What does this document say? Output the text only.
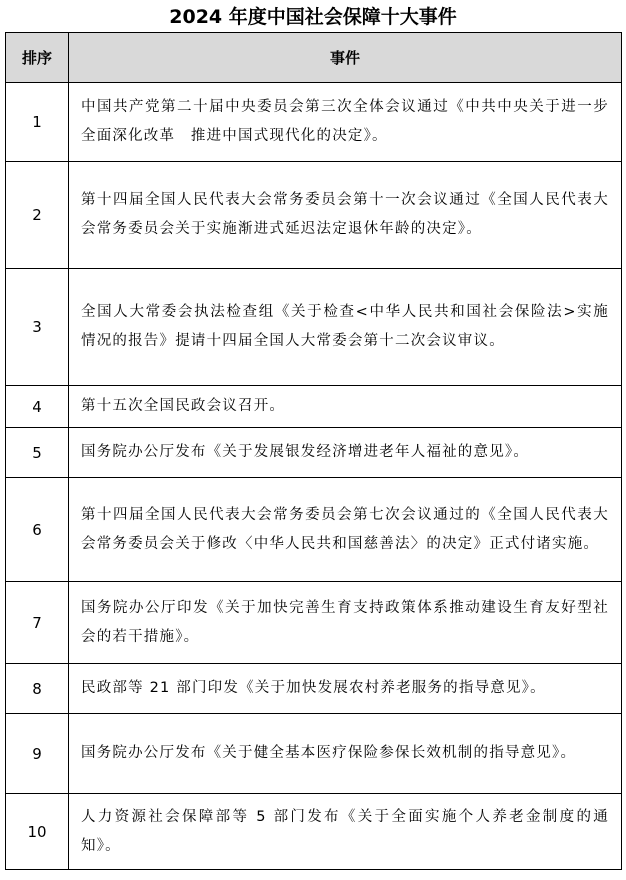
2024 年度中国社会保障十大事件
排序	事件
1	中国共产党第二十届中央委员会第三次全体会议通过《中共中央关于进一步全面深化改革　推进中国式现代化的决定》。
2	第十四届全国人民代表大会常务委员会第十一次会议通过《全国人民代表大会常务委员会关于实施渐进式延迟法定退休年龄的决定》。
3	全国人大常委会执法检查组《关于检查<中华人民共和国社会保险法>实施情况的报告》提请十四届全国人大常委会第十二次会议审议。
4	第十五次全国民政会议召开。
5	国务院办公厅发布《关于发展银发经济增进老年人福祉的意见》。
6	第十四届全国人民代表大会常务委员会第七次会议通过的《全国人民代表大会常务委员会关于修改〈中华人民共和国慈善法〉的决定》正式付诸实施。
7	国务院办公厅印发《关于加快完善生育支持政策体系推动建设生育友好型社会的若干措施》。
8	民政部等 21 部门印发《关于加快发展农村养老服务的指导意见》。
9	国务院办公厅发布《关于健全基本医疗保险参保长效机制的指导意见》。
10	人力资源社会保障部等 5 部门发布《关于全面实施个人养老金制度的通知》。
